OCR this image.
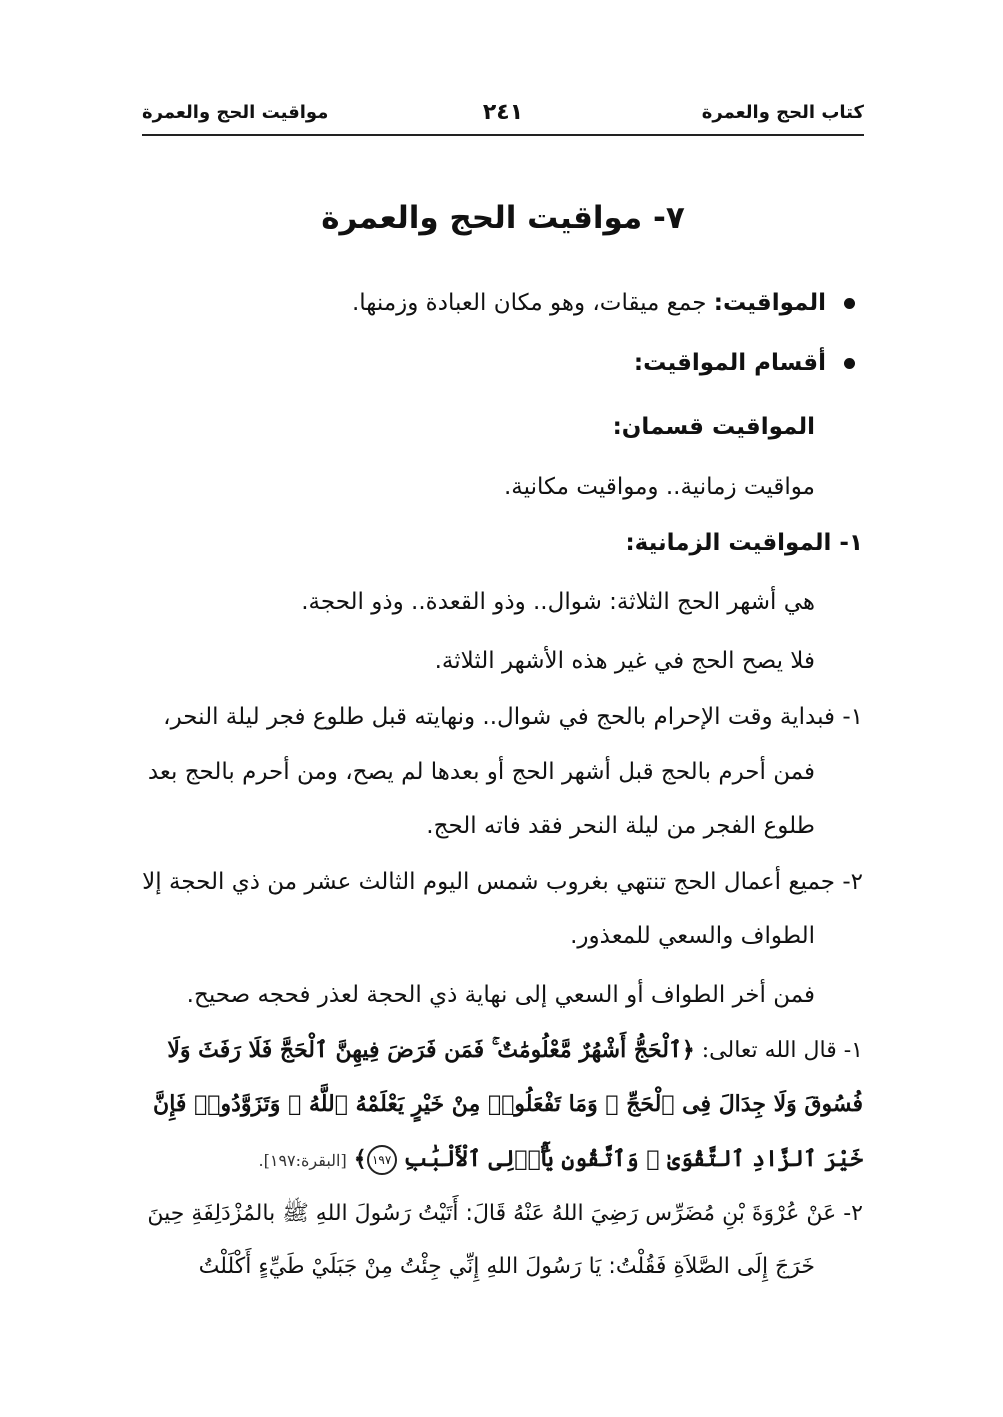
كتاب الحج والعمرة
٢٤١
مواقيت الحج والعمرة
٧- مواقيت الحج والعمرة
المواقيت: جمع ميقات، وهو مكان العبادة وزمنها.
أقسام المواقيت:
المواقيت قسمان:
مواقيت زمانية.. ومواقيت مكانية.
١- المواقيت الزمانية:
هي أشهر الحج الثلاثة: شوال.. وذو القعدة.. وذو الحجة.
فلا يصح الحج في غير هذه الأشهر الثلاثة.
١- فبداية وقت الإحرام بالحج في شوال.. ونهايته قبل طلوع فجر ليلة النحر،
فمن أحرم بالحج قبل أشهر الحج أو بعدها لم يصح، ومن أحرم بالحج بعد
طلوع الفجر من ليلة النحر فقد فاته الحج.
٢- جميع أعمال الحج تنتهي بغروب شمس اليوم الثالث عشر من ذي الحجة إلا
الطواف والسعي للمعذور.
فمن أخر الطواف أو السعي إلى نهاية ذي الحجة لعذر فحجه صحيح.
١- قال الله تعالى: ﴿ٱلْحَجُّ أَشْهُرٌ مَّعْلُومَٰتٌ ۚ فَمَن فَرَضَ فِيهِنَّ ٱلْحَجَّ فَلَا رَفَثَ وَلَا
فُسُوقَ وَلَا جِدَالَ فِى ٱلْحَجِّ ۗ وَمَا تَفْعَلُوا۟ مِنْ خَيْرٍ يَعْلَمْهُ ٱللَّهُ ۗ وَتَزَوَّدُوا۟ فَإِنَّ
خَيْرَ ٱلزَّادِ ٱلتَّقْوَىٰ ۚ وَٱتَّقُونِ يَٰٓأُو۟لِى ٱلْأَلْبَٰبِ ١٩٧﴾ [البقرة:١٩٧].
٢- عَنْ عُرْوَةَ بْنِ مُضَرِّس رَضِيَ اللهُ عَنْهُ قَالَ: أَتَيْتُ رَسُولَ اللهِ ﷺ بالمُزْدَلِفَةِ حِينَ
خَرَجَ إِلَى الصَّلاَةِ فَقُلْتُ: يَا رَسُولَ اللهِ إِنِّي جِئْتُ مِنْ جَبَلَيْ طَيِّءٍ أَكْلَلْتُ
